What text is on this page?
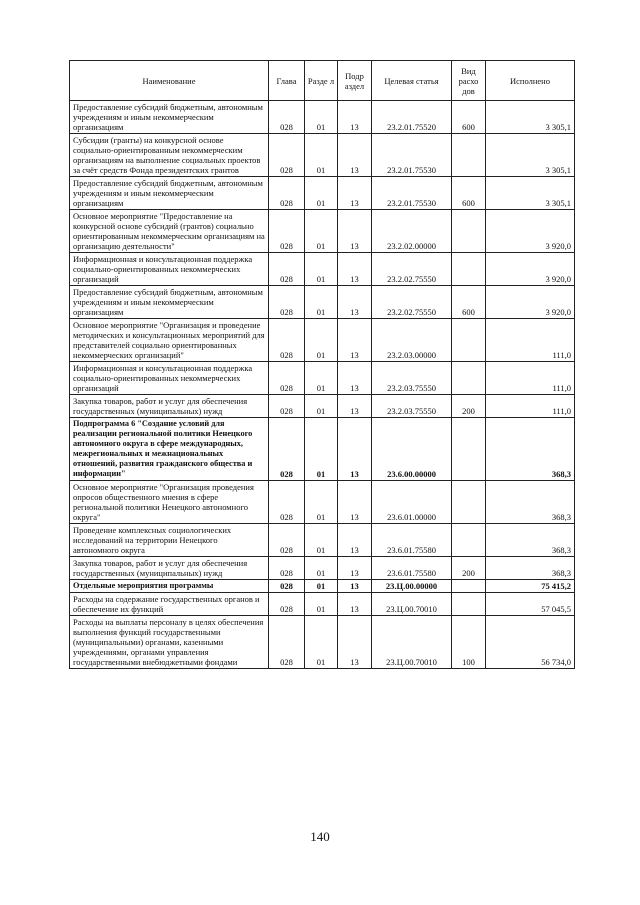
Наименование	Глава	Разде л	Подр аздел	Целевая статья	Вид расхо дов	Исполнено
Предоставление субсидий бюджетным, автономным учреждениям и иным некоммерческим организациям	028	01	13	23.2.01.75520	600	3 305,1
Субсидии (гранты) на конкурсной основе социально-ориентированным некоммерческим организациям на выполнение социальных проектов за счёт средств Фонда президентских грантов	028	01	13	23.2.01.75530		3 305,1
Предоставление субсидий бюджетным, автономным учреждениям и иным некоммерческим организациям	028	01	13	23.2.01.75530	600	3 305,1
Основное мероприятие "Предоставление на конкурсной основе субсидий (грантов) социально ориентированным некоммерческим организациям на организацию деятельности"	028	01	13	23.2.02.00000		3 920,0
Информационная и консультационная поддержка социально-ориентированных некоммерческих организаций	028	01	13	23.2.02.75550		3 920,0
Предоставление субсидий бюджетным, автономным учреждениям и иным некоммерческим организациям	028	01	13	23.2.02.75550	600	3 920,0
Основное мероприятие "Организация и проведение методических и консультационных мероприятий для представителей социально ориентированных некоммерческих организаций"	028	01	13	23.2.03.00000		111,0
Информационная и консультационная поддержка социально-ориентированных некоммерческих организаций	028	01	13	23.2.03.75550		111,0
Закупка товаров, работ и услуг для обеспечения государственных (муниципальных) нужд	028	01	13	23.2.03.75550	200	111,0
Подпрограмма 6 "Создание условий для реализации региональной политики Ненецкого автономного округа в сфере международных, межрегиональных и межнациональных отношений, развития гражданского общества и информации"	028	01	13	23.6.00.00000		368,3
Основное мероприятие "Организация проведения опросов общественного мнения в сфере региональной политики Ненецкого автономного округа"	028	01	13	23.6.01.00000		368,3
Проведение комплексных социологических исследований на территории Ненецкого автономного округа	028	01	13	23.6.01.75580		368,3
Закупка товаров, работ и услуг для обеспечения государственных (муниципальных) нужд	028	01	13	23.6.01.75580	200	368,3
Отдельные мероприятия программы	028	01	13	23.Ц.00.00000		75 415,2
Расходы на содержание государственных органов и обеспечение их функций	028	01	13	23.Ц.00.70010		57 045,5
Расходы на выплаты персоналу в целях обеспечения выполнения функций государственными (муниципальными) органами, казенными учреждениями, органами управления государственными внебюджетными фондами	028	01	13	23.Ц.00.70010	100	56 734,0
140
